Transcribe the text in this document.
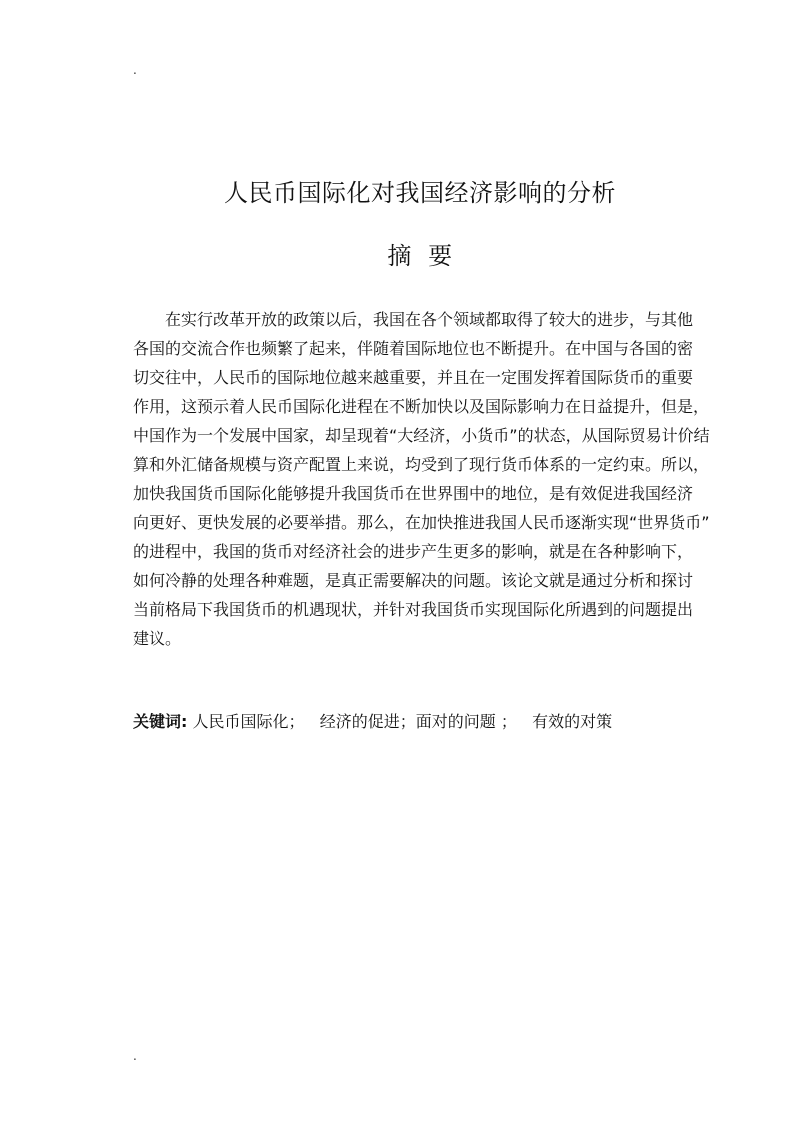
.
人民币国际化对我国经济影响的分析
摘  要
在实行改革开放的政策以后，我国在各个领域都取得了较大的进步，与其他
各国的交流合作也频繁了起来，伴随着国际地位也不断提升。在中国与各国的密
切交往中，人民币的国际地位越来越重要，并且在一定围发挥着国际货币的重要
作用，这预示着人民币国际化进程在不断加快以及国际影响力在日益提升，但是，
中国作为一个发展中国家，却呈现着“大经济，小货币”的状态，从国际贸易计价结
算和外汇储备规模与资产配置上来说，均受到了现行货币体系的一定约束。所以，
加快我国货币国际化能够提升我国货币在世界围中的地位，是有效促进我国经济
向更好、更快发展的必要举措。那么，在加快推进我国人民币逐渐实现“世界货币”
的进程中，我国的货币对经济社会的进步产生更多的影响，就是在各种影响下，
如何冷静的处理各种难题，是真正需要解决的问题。该论文就是通过分析和探讨
当前格局下我国货币的机遇现状，并针对我国货币实现国际化所遇到的问题提出
建议。
关键词: 人民币国际化；   经济的促进；面对的问题 ；   有效的对策
.
